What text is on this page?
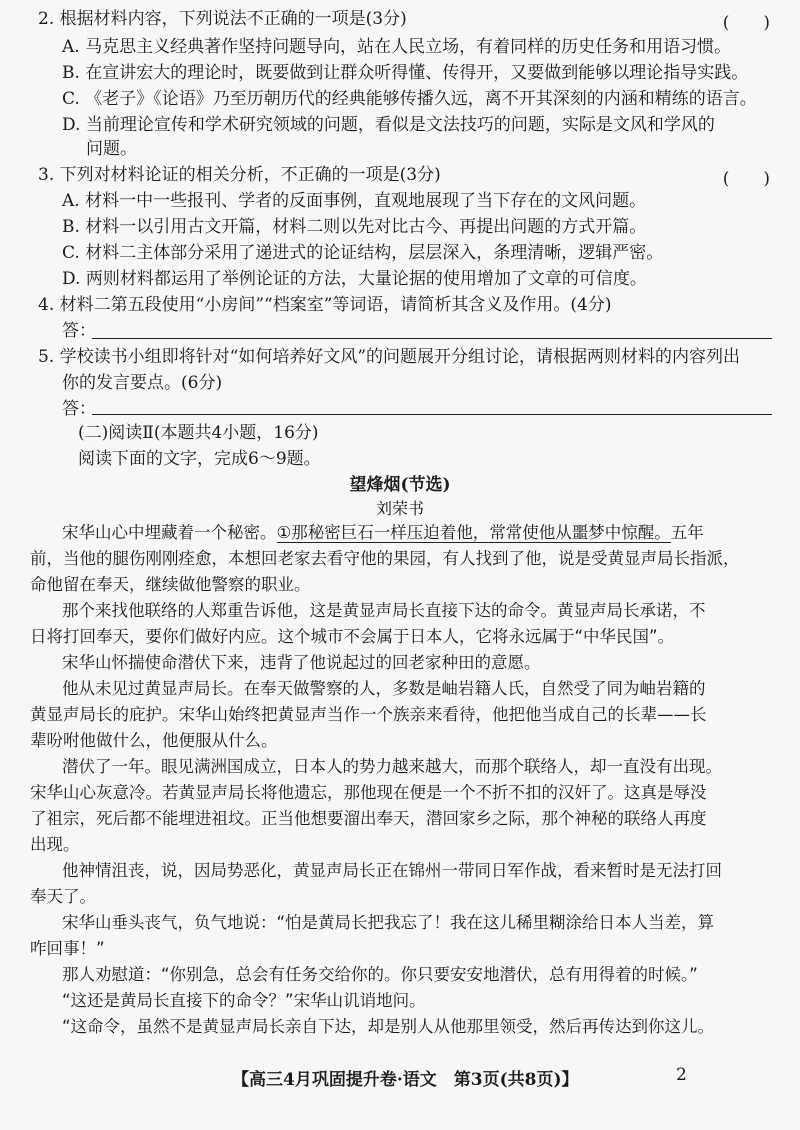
2. 根据材料内容，下列说法不正确的一项是(3分)	(　　)
A. 马克思主义经典著作坚持问题导向，站在人民立场，有着同样的历史任务和用语习惯。
B. 在宣讲宏大的理论时，既要做到让群众听得懂、传得开，又要做到能够以理论指导实践。
C. 《老子》《论语》乃至历朝历代的经典能够传播久远，离不开其深刻的内涵和精练的语言。
D. 当前理论宣传和学术研究领域的问题，看似是文法技巧的问题，实际是文风和学风的
问题。
3. 下列对材料论证的相关分析，不正确的一项是(3分)	(　　)
A. 材料一中一些报刊、学者的反面事例，直观地展现了当下存在的文风问题。
B. 材料一以引用古文开篇，材料二则以先对比古今、再提出问题的方式开篇。
C. 材料二主体部分采用了递进式的论证结构，层层深入，条理清晰，逻辑严密。
D. 两则材料都运用了举例论证的方法，大量论据的使用增加了文章的可信度。
4. 材料二第五段使用“小房间”“档案室”等词语，请简析其含义及作用。(4分)
答：
5. 学校读书小组即将针对“如何培养好文风”的问题展开分组讨论，请根据两则材料的内容列出
你的发言要点。(6分)
答：
(二)阅读Ⅱ(本题共4小题，16分)
阅读下面的文字，完成6～9题。
望烽烟(节选)
刘荣书
宋华山心中埋藏着一个秘密。①那秘密巨石一样压迫着他，常常使他从噩梦中惊醒。五年
前，当他的腿伤刚刚痊愈，本想回老家去看守他的果园，有人找到了他，说是受黄显声局长指派，
命他留在奉天，继续做他警察的职业。
那个来找他联络的人郑重告诉他，这是黄显声局长直接下达的命令。黄显声局长承诺，不
日将打回奉天，要你们做好内应。这个城市不会属于日本人，它将永远属于“中华民国”。
宋华山怀揣使命潜伏下来，违背了他说起过的回老家种田的意愿。
他从未见过黄显声局长。在奉天做警察的人，多数是岫岩籍人氏，自然受了同为岫岩籍的
黄显声局长的庇护。宋华山始终把黄显声当作一个族亲来看待，他把他当成自己的长辈——长
辈吩咐他做什么，他便服从什么。
潜伏了一年。眼见满洲国成立，日本人的势力越来越大，而那个联络人，却一直没有出现。
宋华山心灰意冷。若黄显声局长将他遗忘，那他现在便是一个不折不扣的汉奸了。这真是辱没
了祖宗，死后都不能埋进祖坟。正当他想要溜出奉天，潜回家乡之际，那个神秘的联络人再度
出现。
他神情沮丧，说，因局势恶化，黄显声局长正在锦州一带同日军作战，看来暂时是无法打回
奉天了。
宋华山垂头丧气，负气地说：“怕是黄局长把我忘了！我在这儿稀里糊涂给日本人当差，算
咋回事！”
那人劝慰道：“你别急，总会有任务交给你的。你只要安安地潜伏，总有用得着的时候。”
“这还是黄局长直接下的命令？”宋华山讥诮地问。
“这命令，虽然不是黄显声局长亲自下达，却是别人从他那里领受，然后再传达到你这儿。
【高三4月巩固提升卷·语文　第3页(共8页)】	2
